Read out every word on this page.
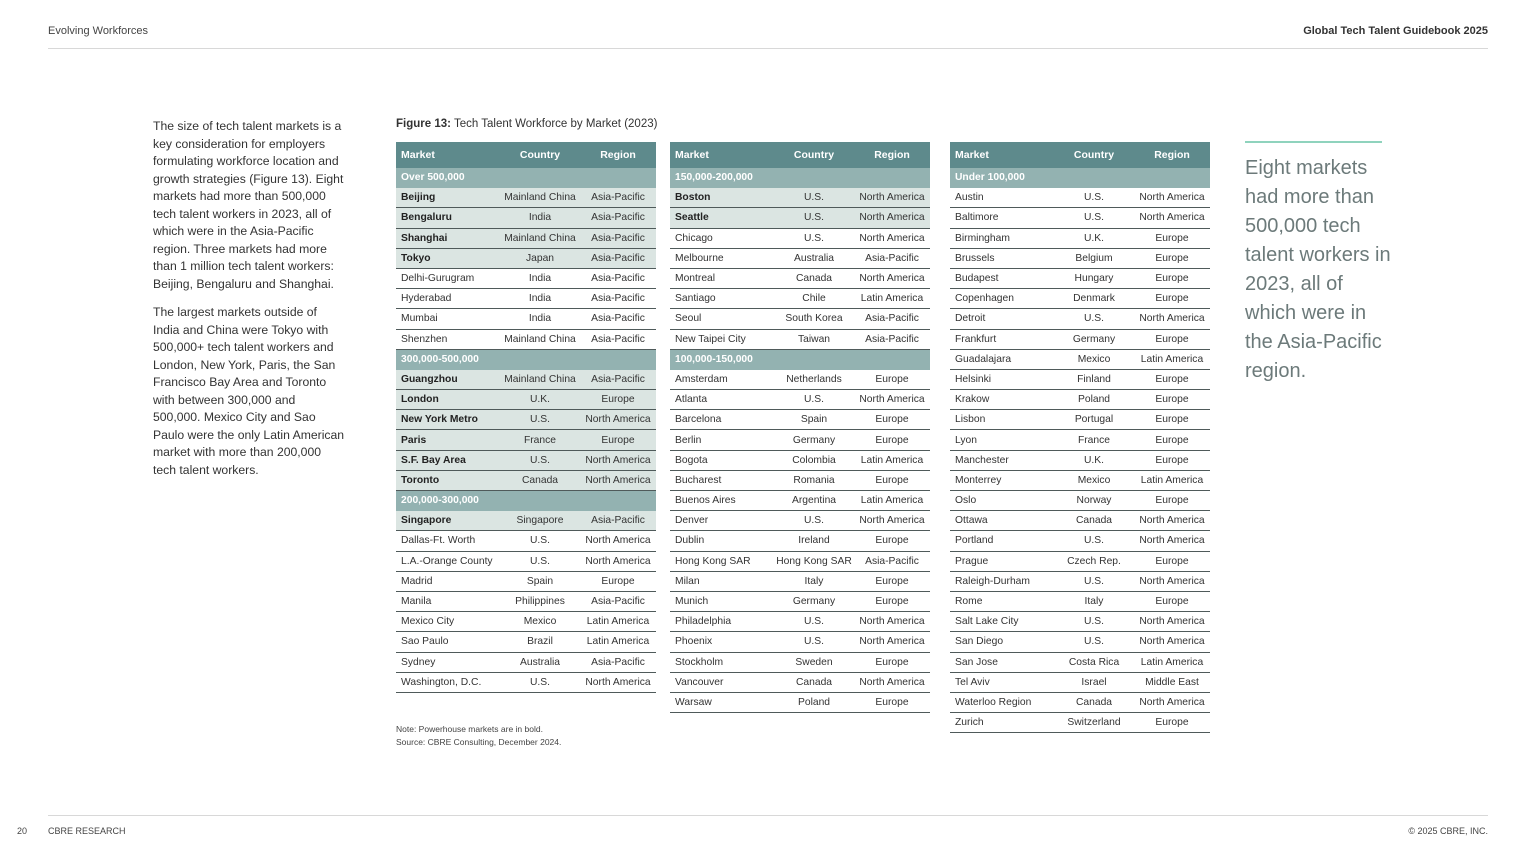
Evolving Workforces	Global Tech Talent Guidebook 2025

The size of tech talent markets is a key consideration for employers formulating workforce location and growth strategies (Figure 13). Eight markets had more than 500,000 tech talent workers in 2023, all of which were in the Asia-Pacific region. Three markets had more than 1 million tech talent workers: Beijing, Bengaluru and Shanghai.

The largest markets outside of India and China were Tokyo with 500,000+ tech talent workers and London, New York, Paris, the San Francisco Bay Area and Toronto with between 300,000 and 500,000. Mexico City and Sao Paulo were the only Latin American market with more than 200,000 tech talent workers.

Figure 13: Tech Talent Workforce by Market (2023)
Market	Country	Region
Over 500,000
Beijing	Mainland China	Asia-Pacific
Bengaluru	India	Asia-Pacific
Shanghai	Mainland China	Asia-Pacific
Tokyo	Japan	Asia-Pacific
Delhi-Gurugram	India	Asia-Pacific
Hyderabad	India	Asia-Pacific
Mumbai	India	Asia-Pacific
Shenzhen	Mainland China	Asia-Pacific
300,000-500,000
Guangzhou	Mainland China	Asia-Pacific
London	U.K.	Europe
New York Metro	U.S.	North America
Paris	France	Europe
S.F. Bay Area	U.S.	North America
Toronto	Canada	North America
200,000-300,000
Singapore	Singapore	Asia-Pacific
Dallas-Ft. Worth	U.S.	North America
L.A.-Orange County	U.S.	North America
Madrid	Spain	Europe
Manila	Philippines	Asia-Pacific
Mexico City	Mexico	Latin America
Sao Paulo	Brazil	Latin America
Sydney	Australia	Asia-Pacific
Washington, D.C.	U.S.	North America
Market	Country	Region
150,000-200,000
Boston	U.S.	North America
Seattle	U.S.	North America
Chicago	U.S.	North America
Melbourne	Australia	Asia-Pacific
Montreal	Canada	North America
Santiago	Chile	Latin America
Seoul	South Korea	Asia-Pacific
New Taipei City	Taiwan	Asia-Pacific
100,000-150,000
Amsterdam	Netherlands	Europe
Atlanta	U.S.	North America
Barcelona	Spain	Europe
Berlin	Germany	Europe
Bogota	Colombia	Latin America
Bucharest	Romania	Europe
Buenos Aires	Argentina	Latin America
Denver	U.S.	North America
Dublin	Ireland	Europe
Hong Kong SAR	Hong Kong SAR	Asia-Pacific
Milan	Italy	Europe
Munich	Germany	Europe
Philadelphia	U.S.	North America
Phoenix	U.S.	North America
Stockholm	Sweden	Europe
Vancouver	Canada	North America
Warsaw	Poland	Europe
Market	Country	Region
Under 100,000
Austin	U.S.	North America
Baltimore	U.S.	North America
Birmingham	U.K.	Europe
Brussels	Belgium	Europe
Budapest	Hungary	Europe
Copenhagen	Denmark	Europe
Detroit	U.S.	North America
Frankfurt	Germany	Europe
Guadalajara	Mexico	Latin America
Helsinki	Finland	Europe
Krakow	Poland	Europe
Lisbon	Portugal	Europe
Lyon	France	Europe
Manchester	U.K.	Europe
Monterrey	Mexico	Latin America
Oslo	Norway	Europe
Ottawa	Canada	North America
Portland	U.S.	North America
Prague	Czech Rep.	Europe
Raleigh-Durham	U.S.	North America
Rome	Italy	Europe
Salt Lake City	U.S.	North America
San Diego	U.S.	North America
San Jose	Costa Rica	Latin America
Tel Aviv	Israel	Middle East
Waterloo Region	Canada	North America
Zurich	Switzerland	Europe
Note: Powerhouse markets are in bold.
Source: CBRE Consulting, December 2024.
Eight markets had more than 500,000 tech talent workers in 2023, all of which were in the Asia-Pacific region.
20 CBRE RESEARCH	© 2025 CBRE, INC.
